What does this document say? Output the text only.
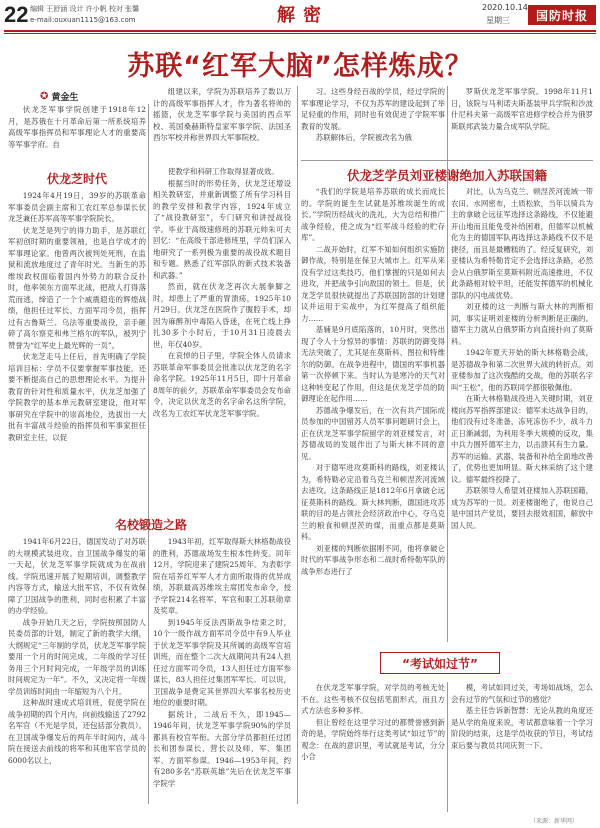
22 编辑 王舒涵 设计 许小帆 校对 张馨
e-mail:ouxuan1115@163.com	解密	2020.10.14
星期三	国防时报
苏联“红军大脑”怎样炼成？
✪ 黄金生

伏龙芝军事学院创建于1918年12月，是苏俄在十月革命后第一所系统培养高级军事指挥员和军事理论人才的重要高等军事学府。自

伏龙芝时代

1924年4月19日，39岁的苏联革命军事委员会副主席和工农红军总参谋长伏龙芝兼任苏军高等军事学院院长。

伏龙芝是列宁的得力助手，是苏联红军初创时期的重要领袖，也是自学成才的军事理论家。他曾两次被判处死刑，在监狱和流放地度过了青年时光。当新生的苏维埃政权面临着国内外势力的联合反扑时，他率领东方面军北战，把敌人打得落荒而逃，缔造了一个个威震遐迩的辉煌战绩，他担任过军长、方面军司令员，指挥过有古鲁斯兰、乌法等重要战役，亲手砸碎了高尔察克和弗兰格尔的军队，被列宁赞誉为“红军史上最光辉的一页”。

伏龙芝走马上任后，首先明确了学院培训目标：学员不仅要掌握军事技能，还要不断提高自己的思想理论水平。为提升教育的针对性和质量水平，伏龙芝加强了学院教学的基本单元教研室建设，他对军事研究在学院中的崇高地位，选拔出一大批有丰富战斗经验的指挥员和军事家担任教研室主任，以促

名校锻造之路

1941年6月22日，德国发动了对苏联的大规模武装进攻。自卫国战争爆发的第一天起，伏龙芝军事学院就成为在战前线。学院迅速开展了短期培训，调整教学内容等方式，输送大批军官，不仅有效保障了卫国战争的胜利，同时也积累了丰富的办学经验。

战争开始几天之后，学院按照国防人民委员部的计划，制定了新的教学大纲，大纲规定“三年制的学员，伏龙芝军事学院要用一个月的时间完成，二年级的学习任务用三个月时间完成，一年级学员的训练时间规定为一年”。不久，又决定将一年级学员训练时间由一年缩短为八个月。

这种战时速成式培训班，促使学院在战争初期的四个月内，向前线输送了2792名军官（不光是学员，还包括部分教员）。在卫国战争爆发后的两年半时间内，战斗院在接送去前线的将军和其他军官学员的6000名以上，

组建以来，学院为苏联培养了数以万计的高级军事指挥人才，作为著名将帅的摇篮，伏龙芝军事学院与美国的西点军校、英国桑赫斯特皇家军事学院、法国圣西尔军校并称世界四大军事院校。

使教学和科研工作取得显著成效。

根据当时的形势任务，伏龙芝还增设相关教研室，并重新调整了所有学习科目的教学安排和教学内容，1924年成立了“战役教研室”，专门研究和讲授战役学。毕业于高级速修班的苏联元帅朱可夫回忆：“在高级干部进修班里，学员们深入地研究了一系列极为重要的战役战术题目和专题。熟悉了红军部队的新式技术装备和武器。”

然而，就在伏龙芝再次大展拳脚之时，却患上了严重的胃溃疡，1925年10月29日，伏龙芝在医院作了腹腔手术，却因为麻醉剂中毒陷入昏迷，在死亡线上挣扎30多个小时后，于10月31日凌晨去世，年仅40岁。

在哀悼的日子里，学院全体人员请求苏联革命军事委员会批准以伏龙芝的名字命名学院。1925年11月5日，即十月革命8周年的前夕，苏联革命军事委员会发布命令，决定以伏龙芝的名字命名这所学院，改名为工农红军伏龙芝军事学院。

1943年初，红军取得斯大林格勒战役的胜利，苏德战场发生根本性转变。同年12月，学院迎来了建院25周年。为表彰学院在培养红军军人才方面所取得的优异成绩，苏联最高苏维埃主席团发布命令，授予学院214名将军、军官和职工苏联勋章及奖章。

到1945年反法西斯战争结束之时，10个一级作战方面军司令员中有9人毕业于伏龙芝军事学院及其所属的高级军官培训班，而在整个二次大战期间共有24人担任过方面军司令员，13人担任过方面军参谋长，83人担任过集团军军长。可以说，卫国战争是费定其世界四大军事名校历史地位的重要时期。

据统计，二战后不久，即1945—1946年间，伏龙芝军事学院90%的学员都具有校官军衔。大部分学员都担任过团长和团参谋长、营长以及师、军、集团军、方面军参谋。1946—1953年间，约有280多名“苏联英雄”先后在伏龙芝军事学院学

习。这些身经百战的学员，经过学院的军事理论学习，不仅为苏军的建设起到了举足轻重的作用，同时也有效促进了学院军事教育的发展。

苏联解体后，学院被改名为俄

罗斯伏龙芝军事学院。1998年11月1日，该院与马利诺夫斯基装甲兵学院和沙波什尼科夫第一高级军官进修学校合并为俄罗斯联邦武装力量合成军队学院。

伏龙芝学员刘亚楼谢绝加入苏联国籍

“我们的学院是培养苏联的成长而成长的。学院的诞生生试就是苏维埃诞生的成长。”学院历经战火的洗礼，大为总结和推广战争经验，使之成为“红军战斗经验的贮存库”。

二战开始时，红军不知如何组织实施防御作战，特别是在保卫大城市上。红军从来没有学过这类技巧，他们掌握的只是如何去进攻，并把战争引向敌国的领土。但是，伏龙芝学员很快就提出了苏联国防部的计划建议并运用于实战中，为红军提高了组织能力……

基辅是9月底陷落的，10月时，突然出现了令人十分惊异的事情：苏联的防御变得无法突破了，尤其是在莫斯科、图拉和特维尔的防御。在战争进程中，德国的军事机器第一次停顿下来。当时认为是寒冷的天气对这种转变起了作用，但这是伏龙芝学员的防御理论在起作用……

苏德战争爆发后，在一次有共产国际成员参加的中国留苏人员军事问题研讨会上，正在伏龙芝军事学院留学的刘亚楼发言，对苏德战局的发展作出了与斯大林不同的意见。

对于德军进攻莫斯科的路线，刘亚楼认为，希特勒必定沿着乌克兰和顿涅茨河流域去进攻。这条路线正是1812年6月拿破仑远征莫斯科的路线。斯大林判断，德国进攻苏联的目的是占领社会经济政治中心，夺乌克兰的粮食和顿涅茨的煤，而重点都是莫斯科。

刘亚楼的判断依据刚不同，他将拿破仑时代的军事战争形态和二战时希特勒军队的战争形态进行了

对比，认为乌克兰、顿涅茨河流域一带农田、水网密布，土质松软，当年以骑兵为主的拿破仑远征军选择这条路线，不仅能避开山地而且能免受补给困难，但德军以机械化为主的德国军队再选择这条路线不仅不是捷径，而且是最糟糕的了。经反复研究，刘亚楼认为希特勒肯定不会选择这条路，必然会从白俄罗斯至莫斯科附近高速推进，不仅此条路相对较平坦，还能发挥德军的机械化部队的闪电战优势。

刘亚楼的这一判断与斯大林的判断相同，事实证明刘亚楼的分析判断是正确的。德军主力就从白俄罗斯方向直接扑向了莫斯科。

1942年夏天开始的斯大林格勒会战，是苏德战争和第二次世界大战的转折点。刘亚楼参加了这次残酷的交战，他的苏联名字叫“王松”，他的苏联同学都很敬佩他。

在斯大林格勒战役进入关键时期，刘亚楼向苏军指挥部建议：德军未达战争目的，他们没有过冬准备，冻死冻伤不少，战斗力正日渐减弱，为利用冬季大规模的反攻，集中兵力围歼德军主力，以击溃其有生力量。苏军的运输、武器、装备和补给全面地改善了，优势也更加明显。斯大林采纳了这个建议。德军最终投降了。

苏联领导人希望刘亚楼加入苏联国籍，成为苏军的一员。刘亚楼谢绝了，他说自己是中国共产党员，要回去报效祖国，解放中国人民。

“考试如过节”

在伏龙芝军事学院，对学员的考核无处不在。这些考核不仅包括笔面形式，而且方式方法也多种多样。

但让曾经在这里学习过的都赞誉感到新奇的是，学院始终举行这类考试“如过节”的观念：在战的意识里，考试就是考试，分分小合

模，考试如同过关，考场如战场，怎么会有过节的气氛和过节的感觉？

基主任告诉新智慧：无论从教的角度还是从学的角度来说，考试都意味着一个学习阶段的结束，这是学员收获的节日，考试结束后要与教员共同庆贺一下。

（来源：新华网）
